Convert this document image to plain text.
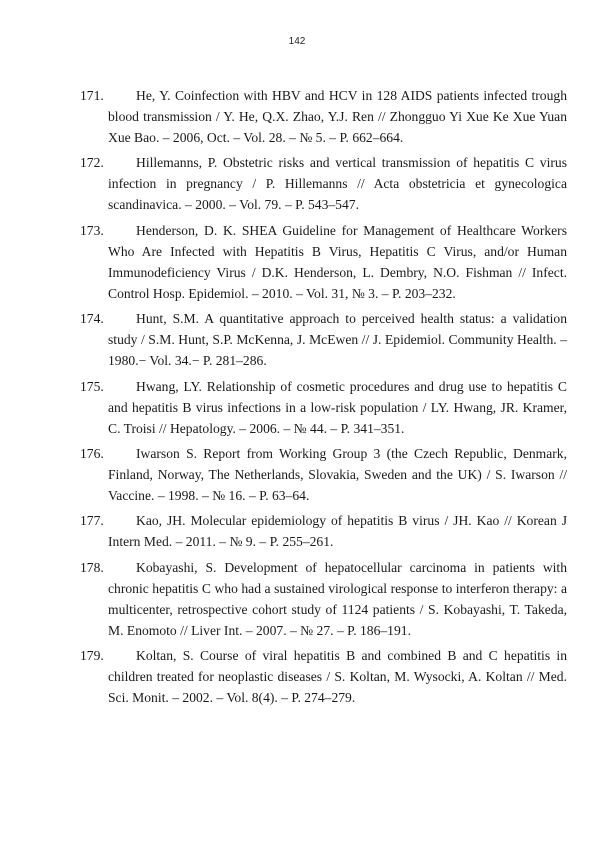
142
171.	He, Y. Coinfection with HBV and HCV in 128 AIDS patients infected trough blood transmission / Y. He, Q.X. Zhao, Y.J. Ren // Zhongguo Yi Xue Ke Xue Yuan Xue Bao. – 2006, Oct. – Vol. 28. – № 5. – P. 662–664.
172.	Hillemanns, P. Obstetric risks and vertical transmission of hepatitis C virus infection in pregnancy / P. Hillemanns // Acta obstetricia et gynecologica scandinavica. – 2000. – Vol. 79. – P. 543–547.
173.	Henderson, D. K. SHEA Guideline for Management of Healthcare Workers Who Are Infected with Hepatitis B Virus, Hepatitis C Virus, and/or Human Immunodeficiency Virus / D.K. Henderson, L. Dembry, N.O. Fishman // Infect. Control Hosp. Epidemiol. – 2010. – Vol. 31, № 3. – P. 203–232.
174.	Hunt, S.M. A quantitative approach to perceived health status: a validation study / S.M. Hunt, S.P. McKenna, J. McEwen // J. Epidemiol. Community Health. – 1980.− Vol. 34.− P. 281–286.
175.	Hwang, LY. Relationship of cosmetic procedures and drug use to hepatitis C and hepatitis B virus infections in a low-risk population / LY. Hwang, JR. Kramer, C. Troisi // Hepatology. – 2006. – № 44. – P. 341–351.
176.	Iwarson S. Report from Working Group 3 (the Czech Republic, Denmark, Finland, Norway, The Netherlands, Slovakia, Sweden and the UK) / S. Iwarson // Vaccine. – 1998. – № 16. – P. 63–64.
177.	Kao, JH. Molecular epidemiology of hepatitis B virus / JH. Kao // Korean J Intern Med. – 2011. – № 9. – P. 255–261.
178.	Kobayashi, S. Development of hepatocellular carcinoma in patients with chronic hepatitis C who had a sustained virological response to interferon therapy: a multicenter, retrospective cohort study of 1124 patients / S. Kobayashi, T. Takeda, M. Enomoto // Liver Int. – 2007. – № 27. – P. 186–191.
179.	Koltan, S. Course of viral hepatitis B and combined B and C hepatitis in children treated for neoplastic diseases / S. Koltan, M. Wysocki, A. Koltan // Med. Sci. Monit. – 2002. – Vol. 8(4). – P. 274–279.
